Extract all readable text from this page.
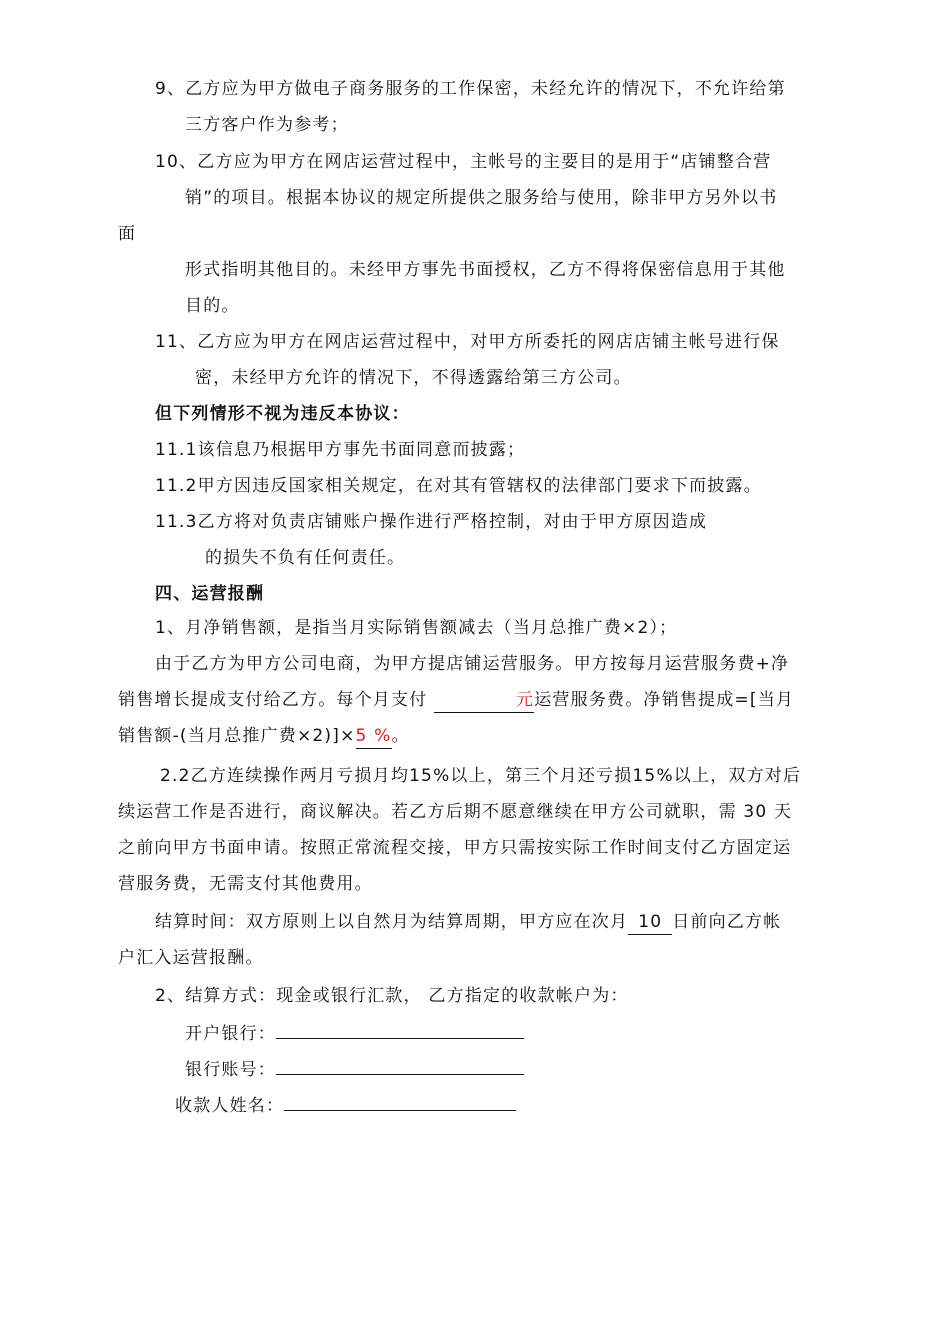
9、乙方应为甲方做电子商务服务的工作保密，未经允许的情况下，不允许给第
三方客户作为参考；
10、乙方应为甲方在网店运营过程中，主帐号的主要目的是用于“店铺整合营
销”的项目。根据本协议的规定所提供之服务给与使用，除非甲方另外以书
面
形式指明其他目的。未经甲方事先书面授权，乙方不得将保密信息用于其他
目的。
11、乙方应为甲方在网店运营过程中，对甲方所委托的网店店铺主帐号进行保
密，未经甲方允许的情况下，不得透露给第三方公司。
但下列情形不视为违反本协议：
11.1该信息乃根据甲方事先书面同意而披露；
11.2甲方因违反国家相关规定，在对其有管辖权的法律部门要求下而披露。
11.3乙方将对负责店铺账户操作进行严格控制，对由于甲方原因造成
的损失不负有任何责任。
四、运营报酬
1、月净销售额，是指当月实际销售额减去（当月总推广费×2）；
由于乙方为甲方公司电商，为甲方提店铺运营服务。甲方按每月运营服务费+净
销售增长提成支付给乙方。每个月支付	元运营服务费。净销售提成=[当月
销售额-(当月总推广费×2)]×5 %。
2.2乙方连续操作两月亏损月均15%以上，第三个月还亏损15%以上，双方对后
续运营工作是否进行，商议解决。若乙方后期不愿意继续在甲方公司就职，需 30 天
之前向甲方书面申请。按照正常流程交接，甲方只需按实际工作时间支付乙方固定运
营服务费，无需支付其他费用。
结算时间：双方原则上以自然月为结算周期，甲方应在次月 10 日前向乙方帐
户汇入运营报酬。
2、结算方式：现金或银行汇款， 乙方指定的收款帐户为：
开户银行：
银行账号：
收款人姓名：
